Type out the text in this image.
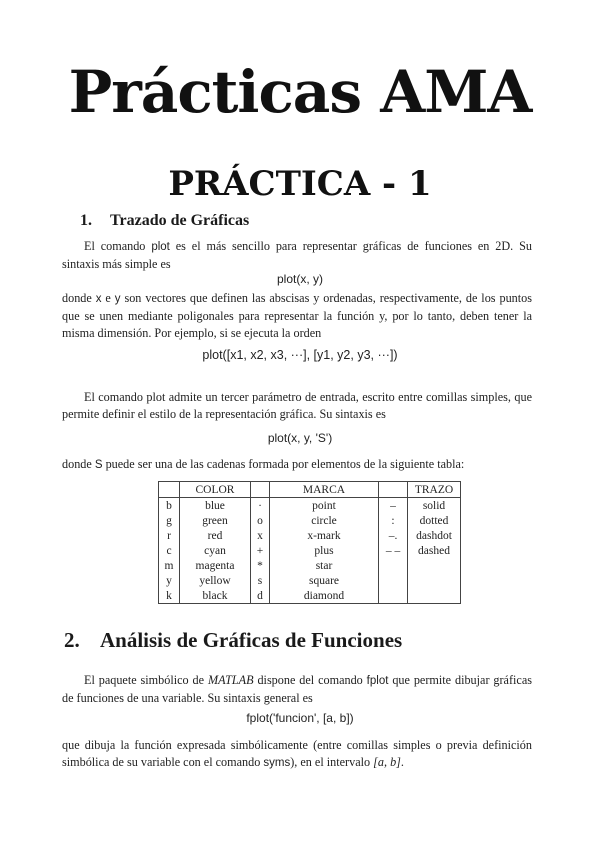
Prácticas AMA
PRÁCTICA - 1
1. Trazado de Gráficas

El comando plot es el más sencillo para representar gráficas de funciones en 2D. Su sintaxis más simple es

plot(x, y)

donde x e y son vectores que definen las abscisas y ordenadas, respectivamente, de los puntos que se unen mediante poligonales para representar la función y, por lo tanto, deben tener la misma dimensión. Por ejemplo, si se ejecuta la orden

plot([x1, x2, x3, ···], [y1, y2, y3, ···])

El comando plot admite un tercer parámetro de entrada, escrito entre comillas simples, que permite definir el estilo de la representación gráfica. Su sintaxis es

plot(x, y, 'S')

donde S puede ser una de las cadenas formada por elementos de la siguiente tabla:

	COLOR		MARCA		TRAZO
b	blue	·	point	–	solid
g	green	o	circle	:	dotted
r	red	x	x-mark	–.	dashdot
c	cyan	+	plus	– –	dashed
m	magenta	*	star		
y	yellow	s	square		
k	black	d	diamond		
2. Análisis de Gráficas de Funciones

El paquete simbólico de MATLAB dispone del comando fplot que permite dibujar gráficas de funciones de una variable. Su sintaxis general es

fplot('funcion', [a, b])

que dibuja la función expresada simbólicamente (entre comillas simples o previa definición simbólica de su variable con el comando syms), en el intervalo [a, b].
